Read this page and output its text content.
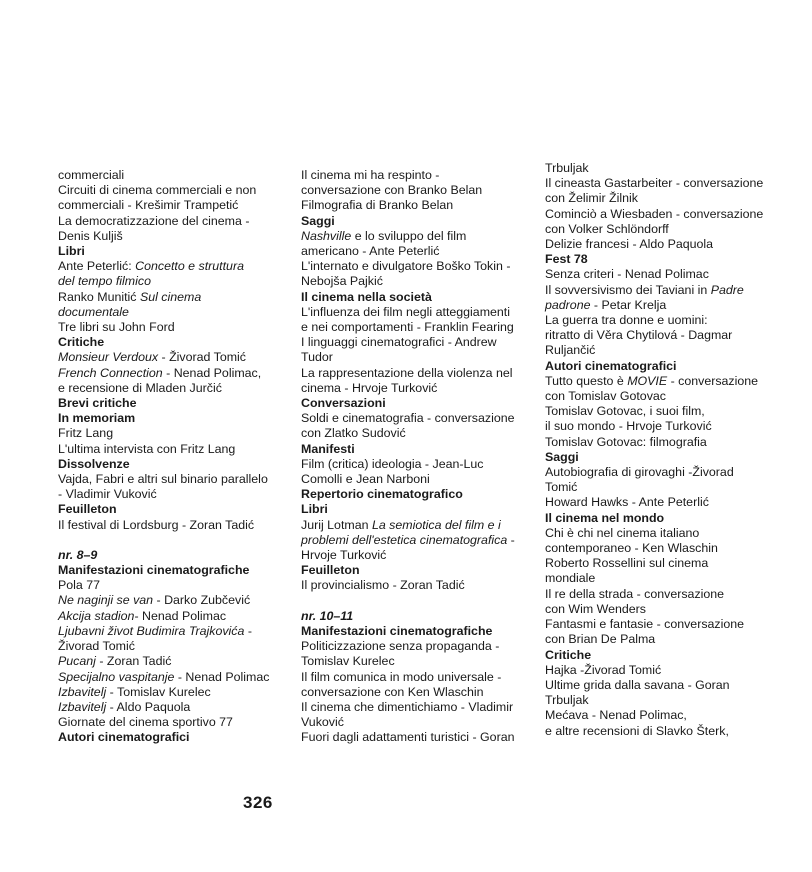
commerciali
Circuiti di cinema commerciali e non
commerciali - Krešimir Trampetić
La democratizzazione del cinema -
Denis Kuljiš
Libri
Ante Peterlić: Concetto e struttura
del tempo filmico
Ranko Munitić Sul cinema
documentale
Tre libri su John Ford
Critiche
Monsieur Verdoux - Živorad Tomić
French Connection - Nenad Polimac,
e recensione di Mladen Jurčić
Brevi critiche
In memoriam
Fritz Lang
L'ultima intervista con Fritz Lang
Dissolvenze
Vajda, Fabri e altri sul binario parallelo
- Vladimir Vuković
Feuilleton
Il festival di Lordsburg - Zoran Tadić
nr. 8–9
Manifestazioni cinematografiche
Pola 77
Ne naginji se van - Darko Zubčević
Akcija stadion- Nenad Polimac
Ljubavni život Budimira Trajkovića -
Živorad Tomić
Pucanj - Zoran Tadić
Specijalno vaspitanje - Nenad Polimac
Izbavitelj - Tomislav Kurelec
Izbavitelj - Aldo Paquola
Giornate del cinema sportivo 77
Autori cinematografici
Il cinema mi ha respinto -
conversazione con Branko Belan
Filmografia di Branko Belan
Saggi
Nashville e lo sviluppo del film
americano - Ante Peterlić
L'internato e divulgatore Boško Tokin -
Nebojša Pajkić
Il cinema nella società
L'influenza dei film negli atteggiamenti
e nei comportamenti - Franklin Fearing
I linguaggi cinematografici - Andrew
Tudor
La rappresentazione della violenza nel
cinema - Hrvoje Turković
Conversazioni
Soldi e cinematografia - conversazione
con Zlatko Sudović
Manifesti
Film (critica) ideologia - Jean-Luc
Comolli e Jean Narboni
Repertorio cinematografico
Libri
Jurij Lotman La semiotica del film e i
problemi dell'estetica cinematografica -
Hrvoje Turković
Feuilleton
Il provincialismo - Zoran Tadić
nr. 10–11
Manifestazioni cinematografiche
Politicizzazione senza propaganda -
Tomislav Kurelec
Il film comunica in modo universale -
conversazione con Ken Wlaschin
Il cinema che dimentichiamo - Vladimir
Vuković
Fuori dagli adattamenti turistici - Goran
Trbuljak
Il cineasta Gastarbeiter - conversazione
con Želimir Žilnik
Cominciò a Wiesbaden - conversazione
con Volker Schlöndorff
Delizie francesi - Aldo Paquola
Fest 78
Senza criteri - Nenad Polimac
Il sovversivismo dei Taviani in Padre
padrone - Petar Krelja
La guerra tra donne e uomini:
ritratto di Věra Chytilová - Dagmar
Ruljančić
Autori cinematografici
Tutto questo è MOVIE - conversazione
con Tomislav Gotovac
Tomislav Gotovac, i suoi film,
il suo mondo - Hrvoje Turković
Tomislav Gotovac: filmografia
Saggi
Autobiografia di girovaghi -Živorad
Tomić
Howard Hawks - Ante Peterlić
Il cinema nel mondo
Chi è chi nel cinema italiano
contemporaneo - Ken Wlaschin
Roberto Rossellini sul cinema
mondiale
Il re della strada - conversazione
con Wim Wenders
Fantasmi e fantasie - conversazione
con Brian De Palma
Critiche
Hajka -Živorad Tomić
Ultime grida dalla savana - Goran
Trbuljak
Mećava - Nenad Polimac,
e altre recensioni di Slavko Šterk,
326
